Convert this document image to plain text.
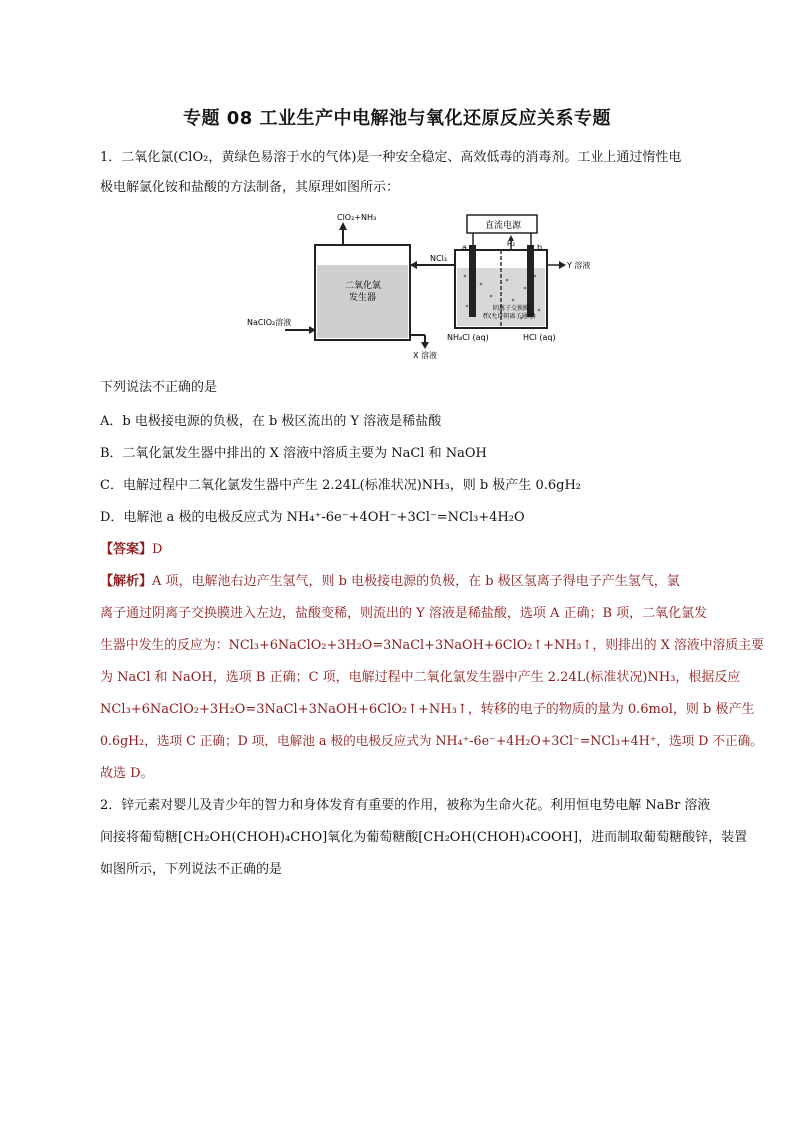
专题 08 工业生产中电解池与氧化还原反应关系专题
1．二氧化氯(ClO₂，黄绿色易溶于水的气体)是一种安全稳定、高效低毒的消毒剂。工业上通过惰性电
极电解氯化铵和盐酸的方法制备，其原理如图所示：
ClO₂+NH₃
二氧化氯
发生器
NaClO₂溶液
X 溶液
NCl₃
直流电源
a	b
H₂
Y 溶液
阴离子交换膜
(仅允许阴离子通过)
NH₄Cl (aq)	HCl (aq)
下列说法不正确的是
A．b 电极接电源的负极，在 b 极区流出的 Y 溶液是稀盐酸
B．二氧化氯发生器中排出的 X 溶液中溶质主要为 NaCl 和 NaOH
C．电解过程中二氧化氯发生器中产生 2.24L(标准状况)NH₃，则 b 极产生 0.6gH₂
D．电解池 a 极的电极反应式为 NH₄⁺-6e⁻+4OH⁻+3Cl⁻=NCl₃+4H₂O
【答案】D
【解析】A 项，电解池右边产生氢气，则 b 电极接电源的负极，在 b 极区氢离子得电子产生氢气，氯
离子通过阴离子交换膜进入左边，盐酸变稀，则流出的 Y 溶液是稀盐酸，选项 A 正确；B 项，二氧化氯发
生器中发生的反应为：NCl₃+6NaClO₂+3H₂O=3NaCl+3NaOH+6ClO₂↑+NH₃↑，则排出的 X 溶液中溶质主要
为 NaCl 和 NaOH，选项 B 正确；C 项，电解过程中二氧化氯发生器中产生 2.24L(标准状况)NH₃，根据反应
NCl₃+6NaClO₂+3H₂O=3NaCl+3NaOH+6ClO₂↑+NH₃↑，转移的电子的物质的量为 0.6mol，则 b 极产生
0.6gH₂，选项 C 正确；D 项，电解池 a 极的电极反应式为 NH₄⁺-6e⁻+4H₂O+3Cl⁻=NCl₃+4H⁺，选项 D 不正确。
故选 D。
2．锌元素对婴儿及青少年的智力和身体发育有重要的作用，被称为生命火花。利用恒电势电解 NaBr 溶液
间接将葡萄糖[CH₂OH(CHOH)₄CHO]氧化为葡萄糖酸[CH₂OH(CHOH)₄COOH]，进而制取葡萄糖酸锌，装置
如图所示，下列说法不正确的是
